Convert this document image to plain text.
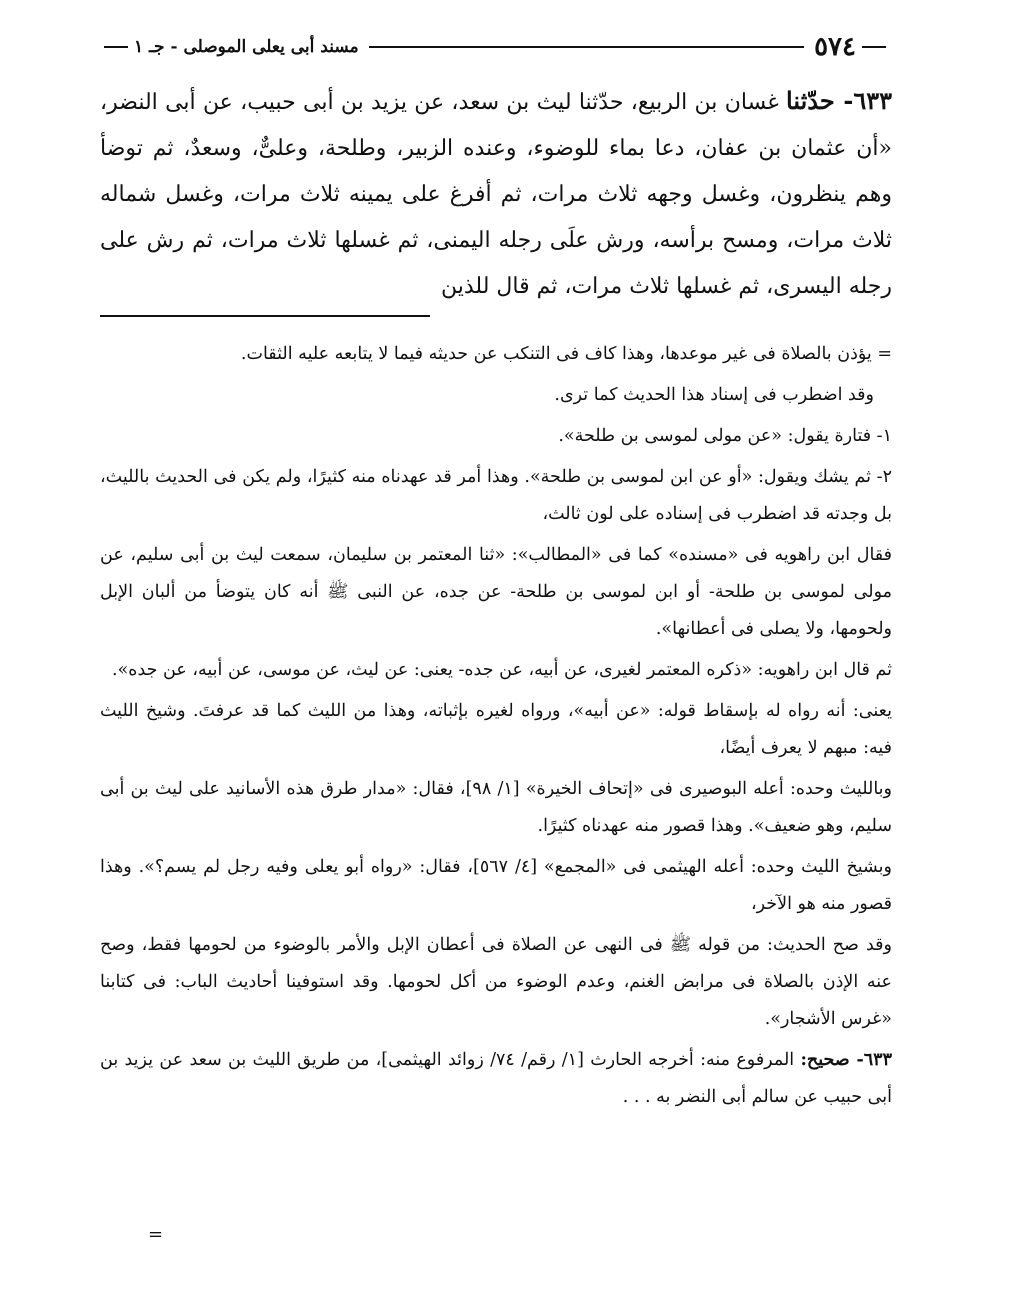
٥٧٤
مسند أبى يعلى الموصلى - جـ ١
٦٣٣- حدّثنا غسان بن الربيع، حدّثنا ليث بن سعد، عن يزيد بن أبى حبيب، عن أبى النضر، «أن عثمان بن عفان، دعا بماء للوضوء، وعنده الزبير، وطلحة، وعلىٌّ، وسعدٌ، ثم توضأ وهم ينظرون، وغسل وجهه ثلاث مرات، ثم أفرغ على يمينه ثلاث مرات، وغسل شماله ثلاث مرات، ومسح برأسه، ورش علَى رجله اليمنى، ثم غسلها ثلاث مرات، ثم رش على رجله اليسرى، ثم غسلها ثلاث مرات، ثم قال للذين

= يؤذن بالصلاة فى غير موعدها، وهذا كاف فى التنكب عن حديثه فيما لا يتابعه عليه الثقات.

وقد اضطرب فى إسناد هذا الحديث كما ترى.

١- فتارة يقول: «عن مولى لموسى بن طلحة».

٢- ثم يشك ويقول: «أو عن ابن لموسى بن طلحة». وهذا أمر قد عهدناه منه كثيرًا، ولم يكن فى الحديث بالليث، بل وجدته قد اضطرب فى إسناده على لون ثالث،

فقال ابن راهويه فى «مسنده» كما فى «المطالب»: «ثنا المعتمر بن سليمان، سمعت ليث بن أبى سليم، عن مولى لموسى بن طلحة- أو ابن لموسى بن طلحة- عن جده، عن النبى ﷺ أنه كان يتوضأ من ألبان الإبل ولحومها، ولا يصلى فى أعطانها».

ثم قال ابن راهويه: «ذكره المعتمر لغيرى، عن أبيه، عن جده- يعنى: عن ليث، عن موسى، عن أبيه، عن جده».

يعنى: أنه رواه له بإسقاط قوله: «عن أبيه»، ورواه لغيره بإثباته، وهذا من الليث كما قد عرفتَ. وشيخ الليث فيه: مبهم لا يعرف أيضًا،

وبالليث وحده: أعله البوصيرى فى «إتحاف الخيرة» [١/ ٩٨]، فقال: «مدار طرق هذه الأسانيد على ليث بن أبى سليم، وهو ضعيف». وهذا قصور منه عهدناه كثيرًا.

وبشيخ الليث وحده: أعله الهيثمى فى «المجمع» [٤/ ٥٦٧]، فقال: «رواه أبو يعلى وفيه رجل لم يسم؟». وهذا قصور منه هو الآخر،

وقد صح الحديث: من قوله ﷺ فى النهى عن الصلاة فى أعطان الإبل والأمر بالوضوء من لحومها فقط، وصح عنه الإذن بالصلاة فى مرابض الغنم، وعدم الوضوء من أكل لحومها. وقد استوفينا أحاديث الباب: فى كتابنا «غرس الأشجار».

٦٣٣- صحيح: المرفوع منه: أخرجه الحارث [١/ رقم/ ٧٤/ زوائد الهيثمى]، من طريق الليث بن سعد عن يزيد بن أبى حبيب عن سالم أبى النضر به . . .

=
